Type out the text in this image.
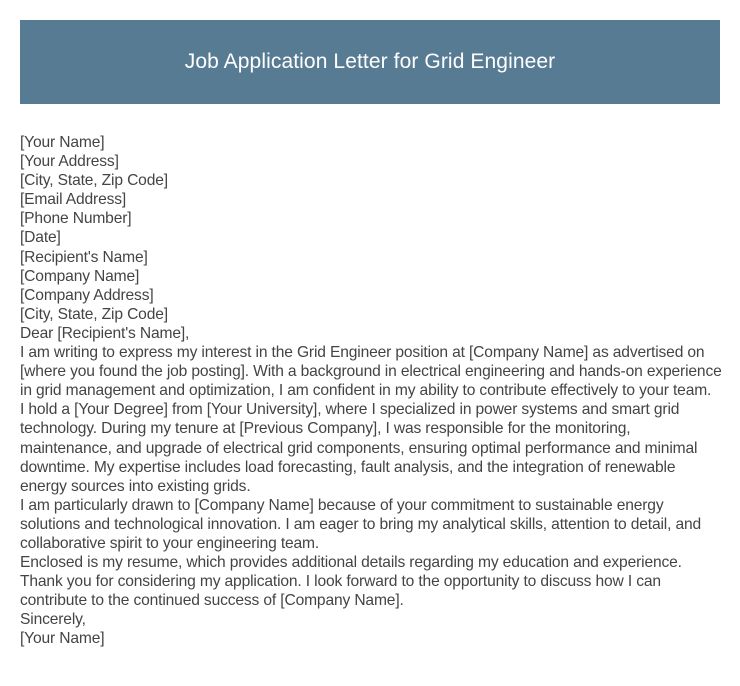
Job Application Letter for Grid Engineer
[Your Name]
[Your Address]
[City, State, Zip Code]
[Email Address]
[Phone Number]
[Date]
[Recipient's Name]
[Company Name]
[Company Address]
[City, State, Zip Code]
Dear [Recipient's Name],

I am writing to express my interest in the Grid Engineer position at [Company Name] as advertised on [where you found the job posting]. With a background in electrical engineering and hands-on experience in grid management and optimization, I am confident in my ability to contribute effectively to your team.

I hold a [Your Degree] from [Your University], where I specialized in power systems and smart grid technology. During my tenure at [Previous Company], I was responsible for the monitoring, maintenance, and upgrade of electrical grid components, ensuring optimal performance and minimal downtime. My expertise includes load forecasting, fault analysis, and the integration of renewable energy sources into existing grids.

I am particularly drawn to [Company Name] because of your commitment to sustainable energy solutions and technological innovation. I am eager to bring my analytical skills, attention to detail, and collaborative spirit to your engineering team.

Enclosed is my resume, which provides additional details regarding my education and experience. Thank you for considering my application. I look forward to the opportunity to discuss how I can contribute to the continued success of [Company Name].

Sincerely,
[Your Name]
